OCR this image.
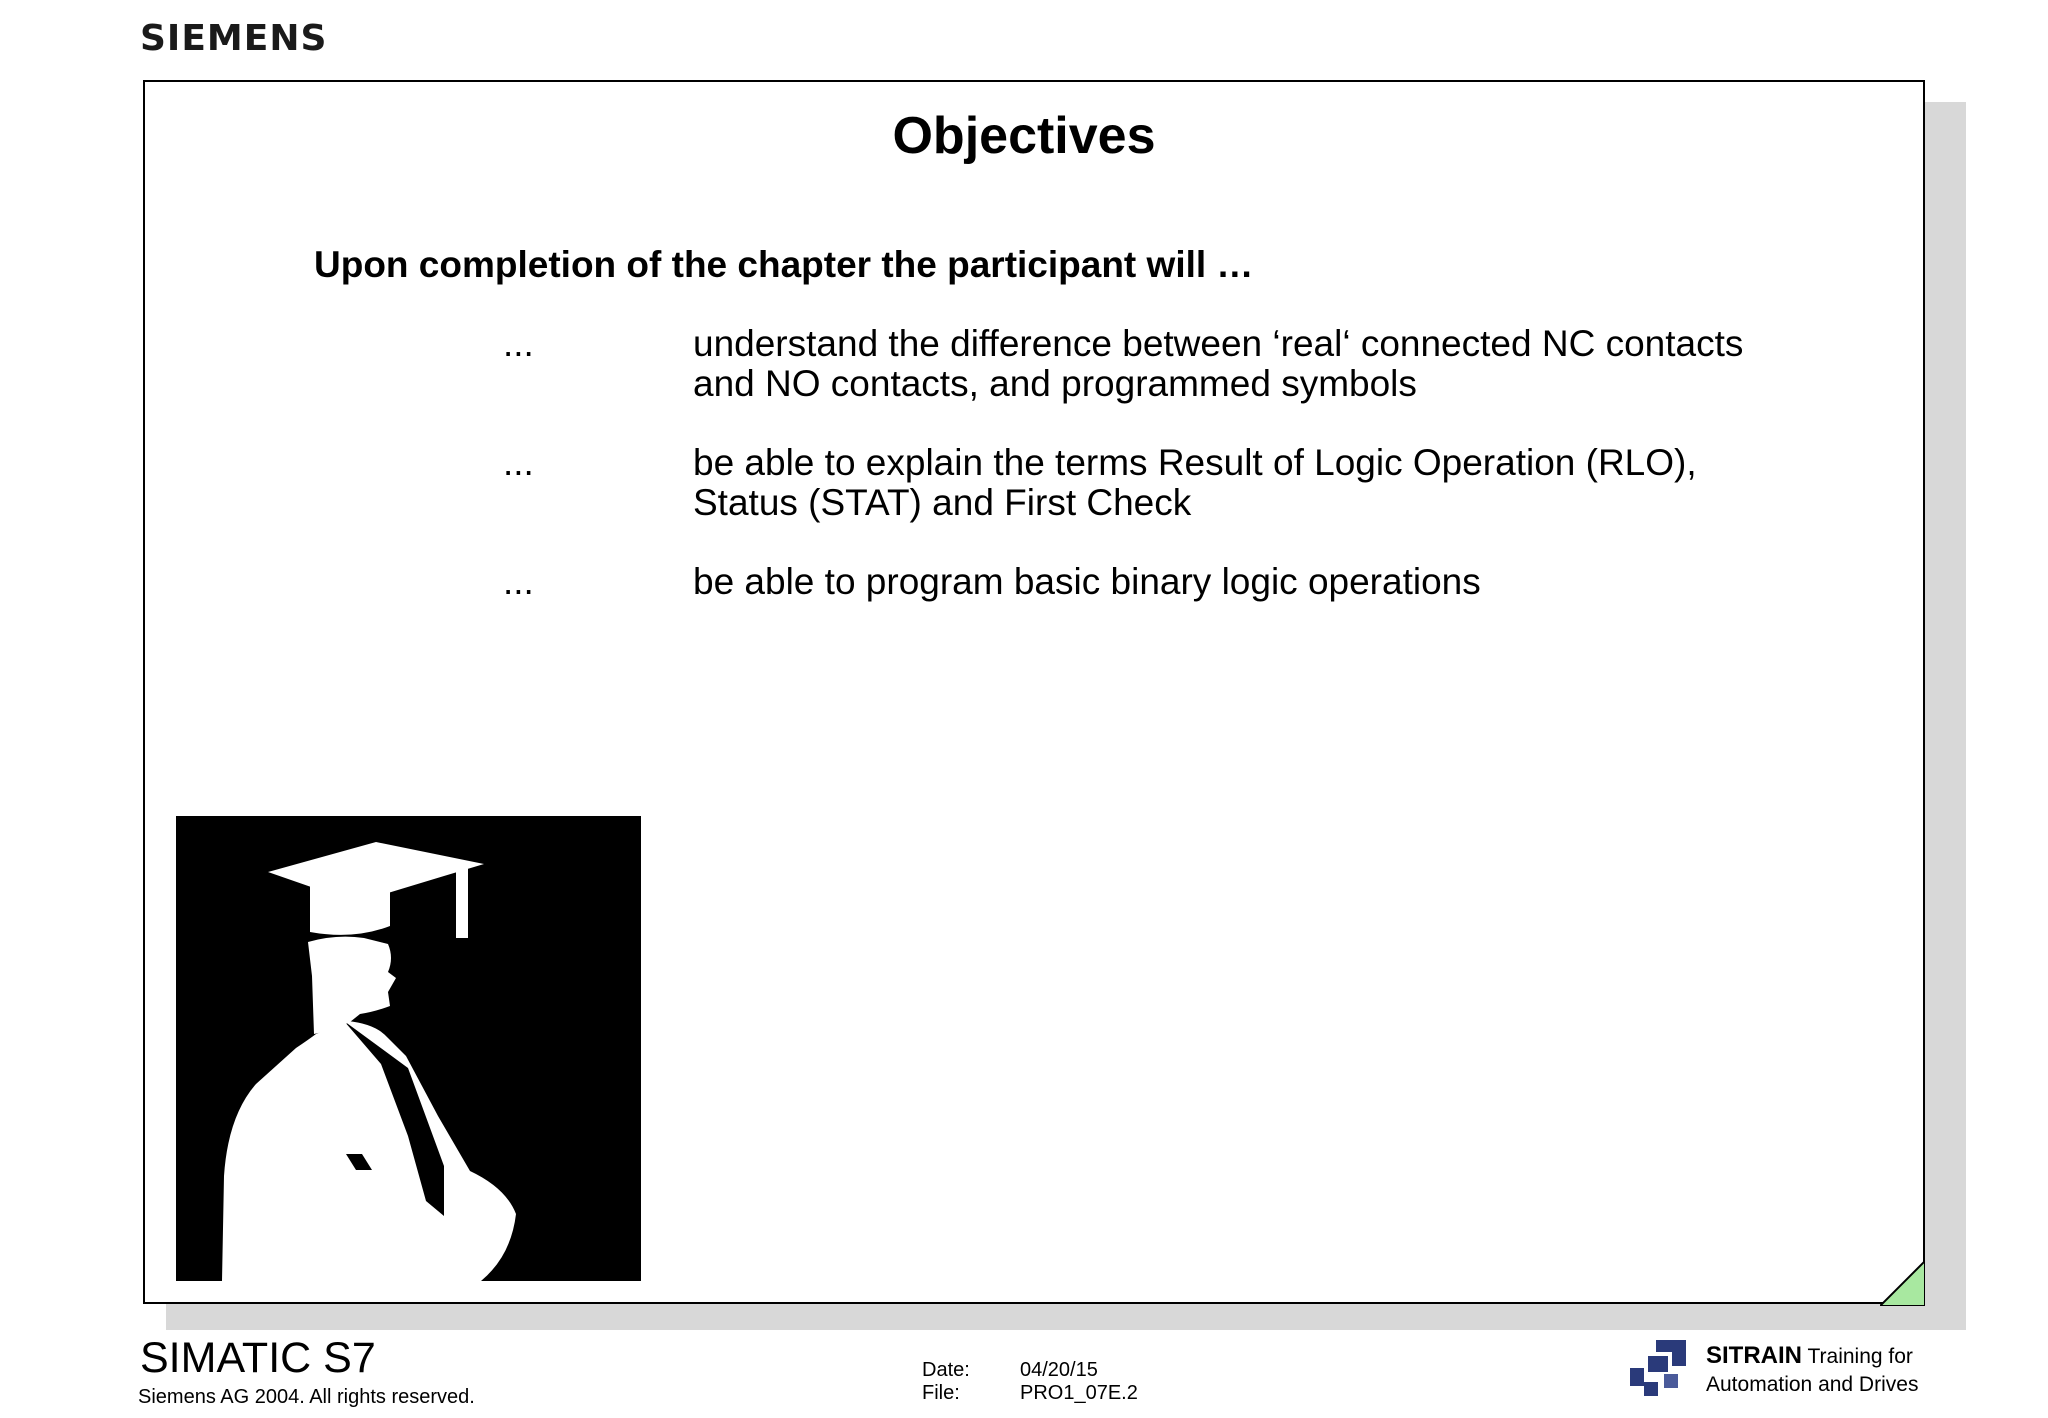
SIEMENS
Objectives
Upon completion of the chapter the participant will …
...	understand the difference between ‘real‘ connected NC contacts
and NO contacts, and programmed symbols
...	be able to explain the terms Result of Logic Operation (RLO),
Status (STAT) and First Check
...	be able to program basic binary logic operations
SIMATIC S7
Siemens AG 2004. All rights reserved.
Date:	04/20/15
File:	PRO1_07E.2
SITRAIN Training for
Automation and Drives
